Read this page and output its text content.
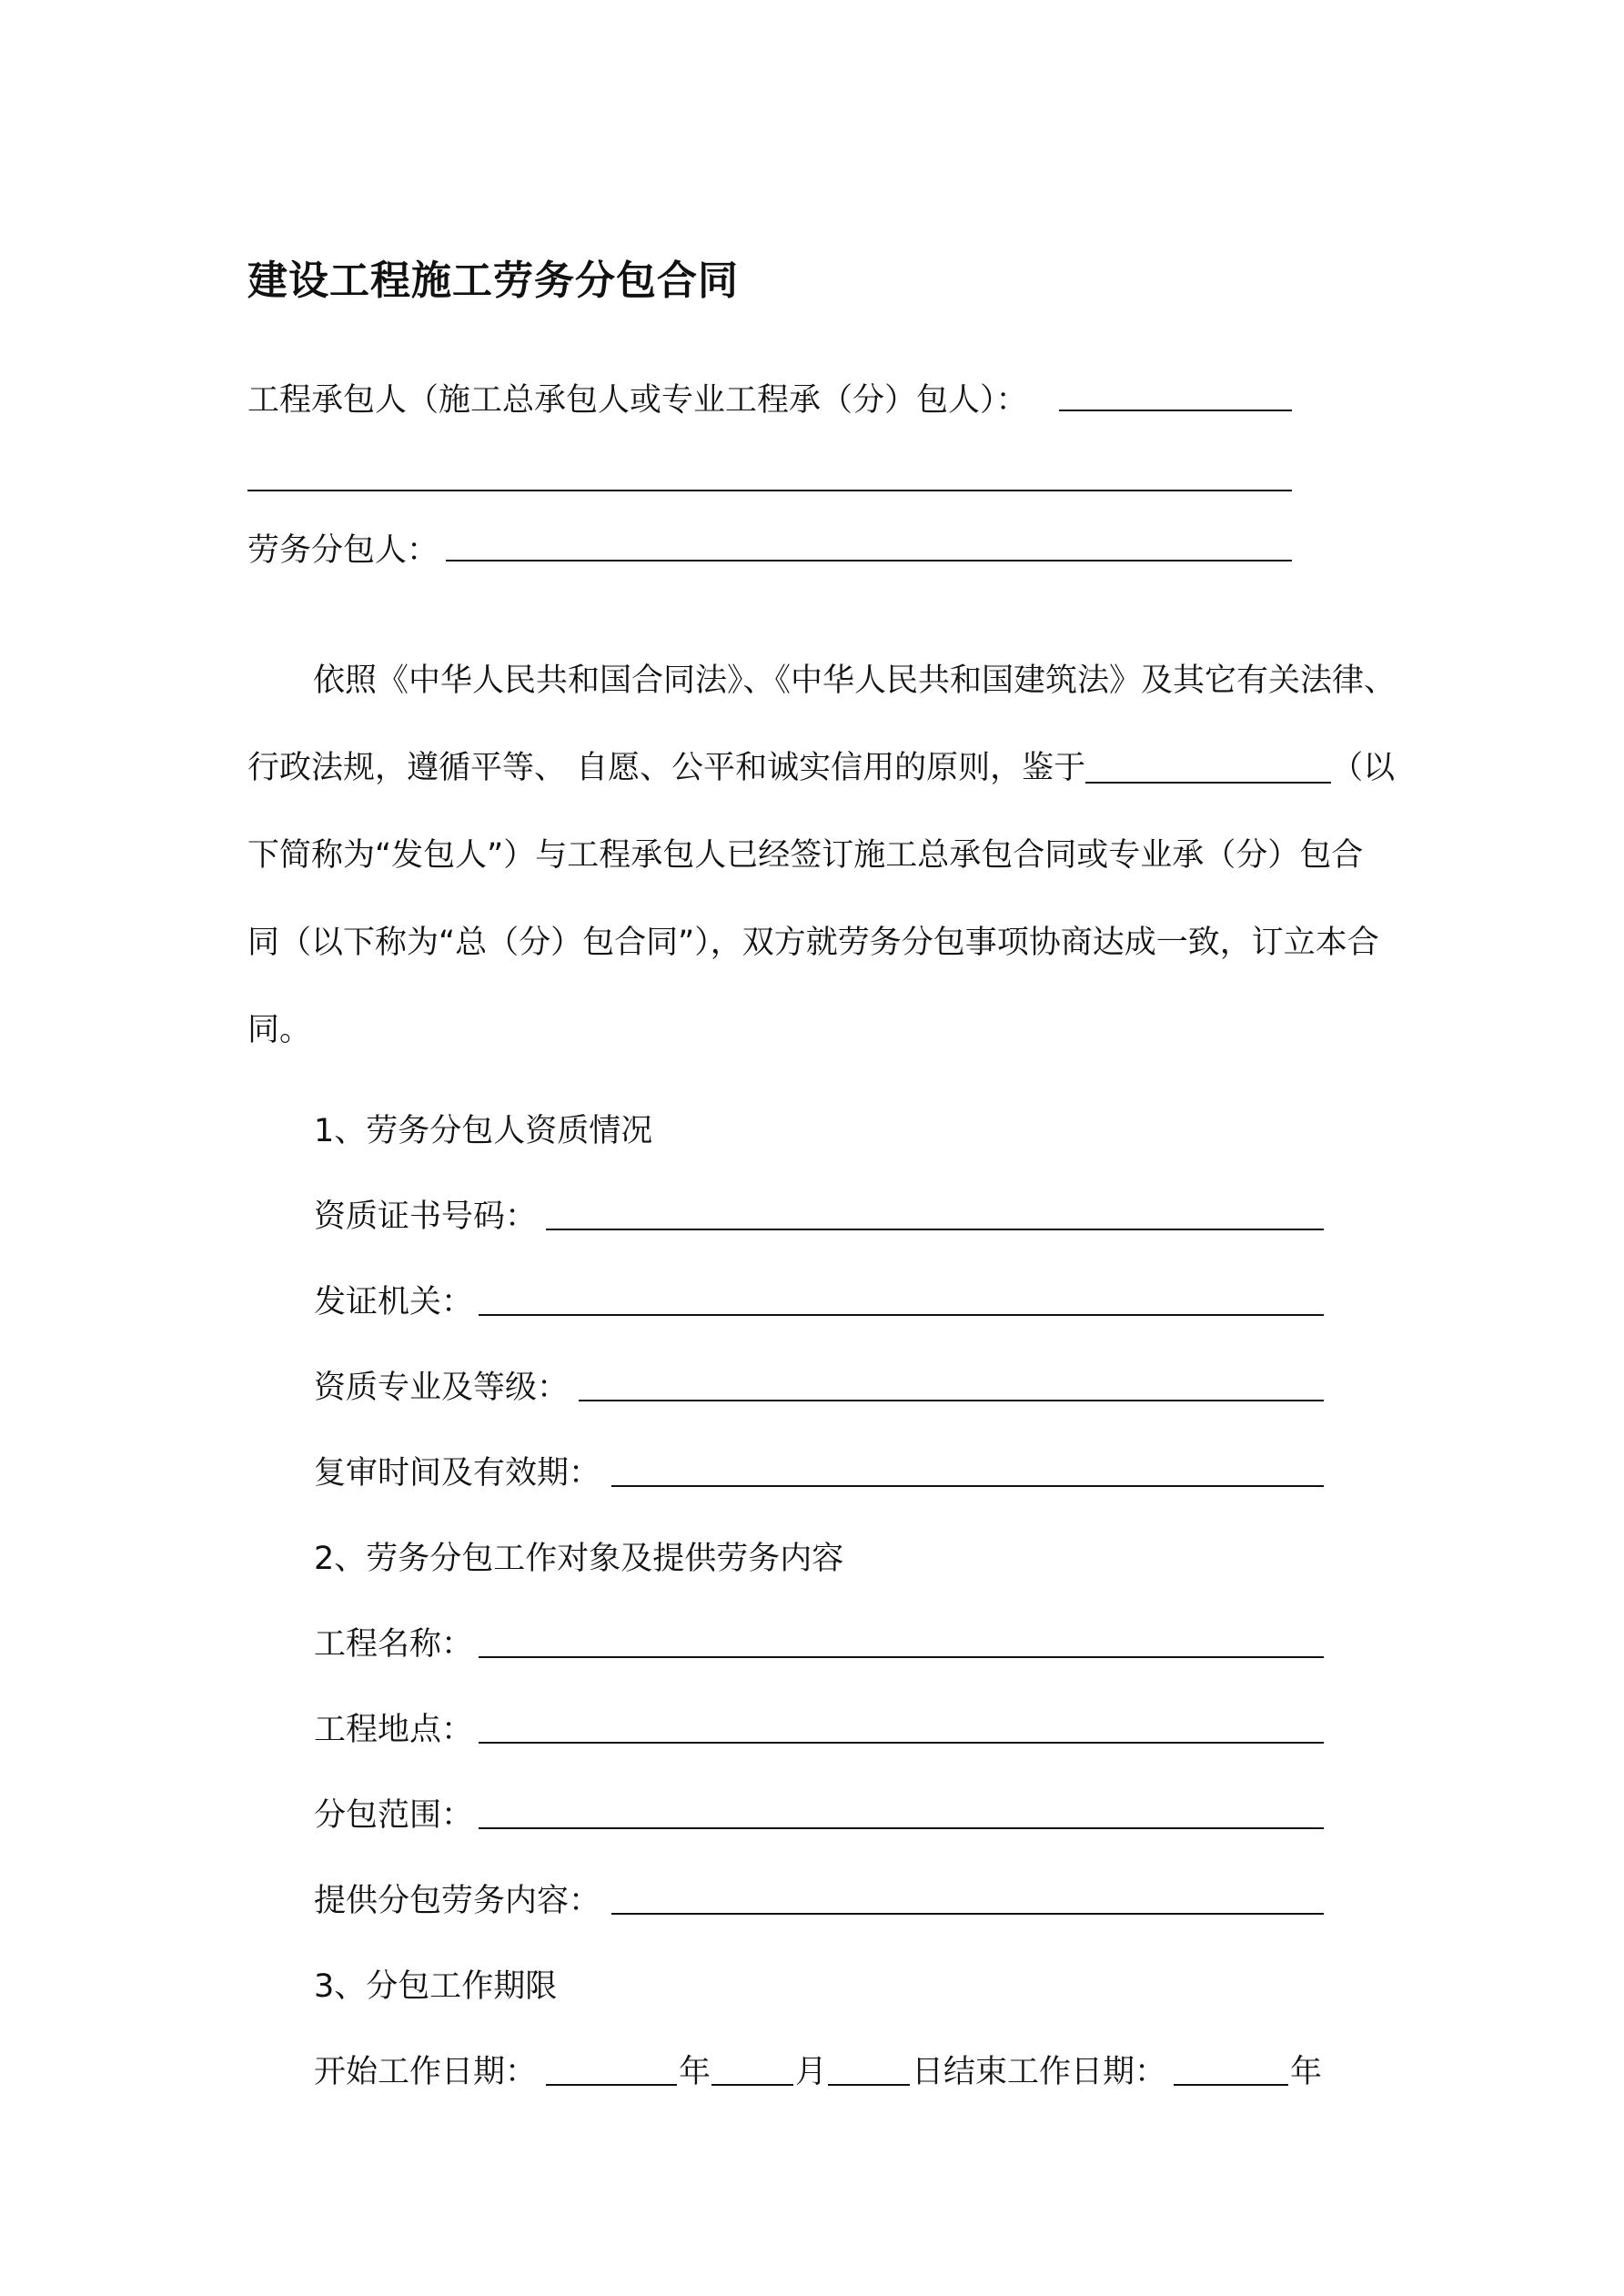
建设工程施工劳务分包合同
工程承包人（施工总承包人或专业工程承（分）包人）：
劳务分包人：
依照《中华人民共和国合同法》、《中华人民共和国建筑法》及其它有关法律、
行政法规，遵循平等、 自愿、公平和诚实信用的原则，鉴于	（以
下简称为“发包人”）与工程承包人已经签订施工总承包合同或专业承（分）包合
同（以下称为“总（分）包合同”），双方就劳务分包事项协商达成一致，订立本合
同。
1、劳务分包人资质情况
资质证书号码：
发证机关：
资质专业及等级：
复审时间及有效期：
2、劳务分包工作对象及提供劳务内容
工程名称：
工程地点：
分包范围：
提供分包劳务内容：
3、分包工作期限
开始工作日期：	年	月	日结束工作日期：	年
